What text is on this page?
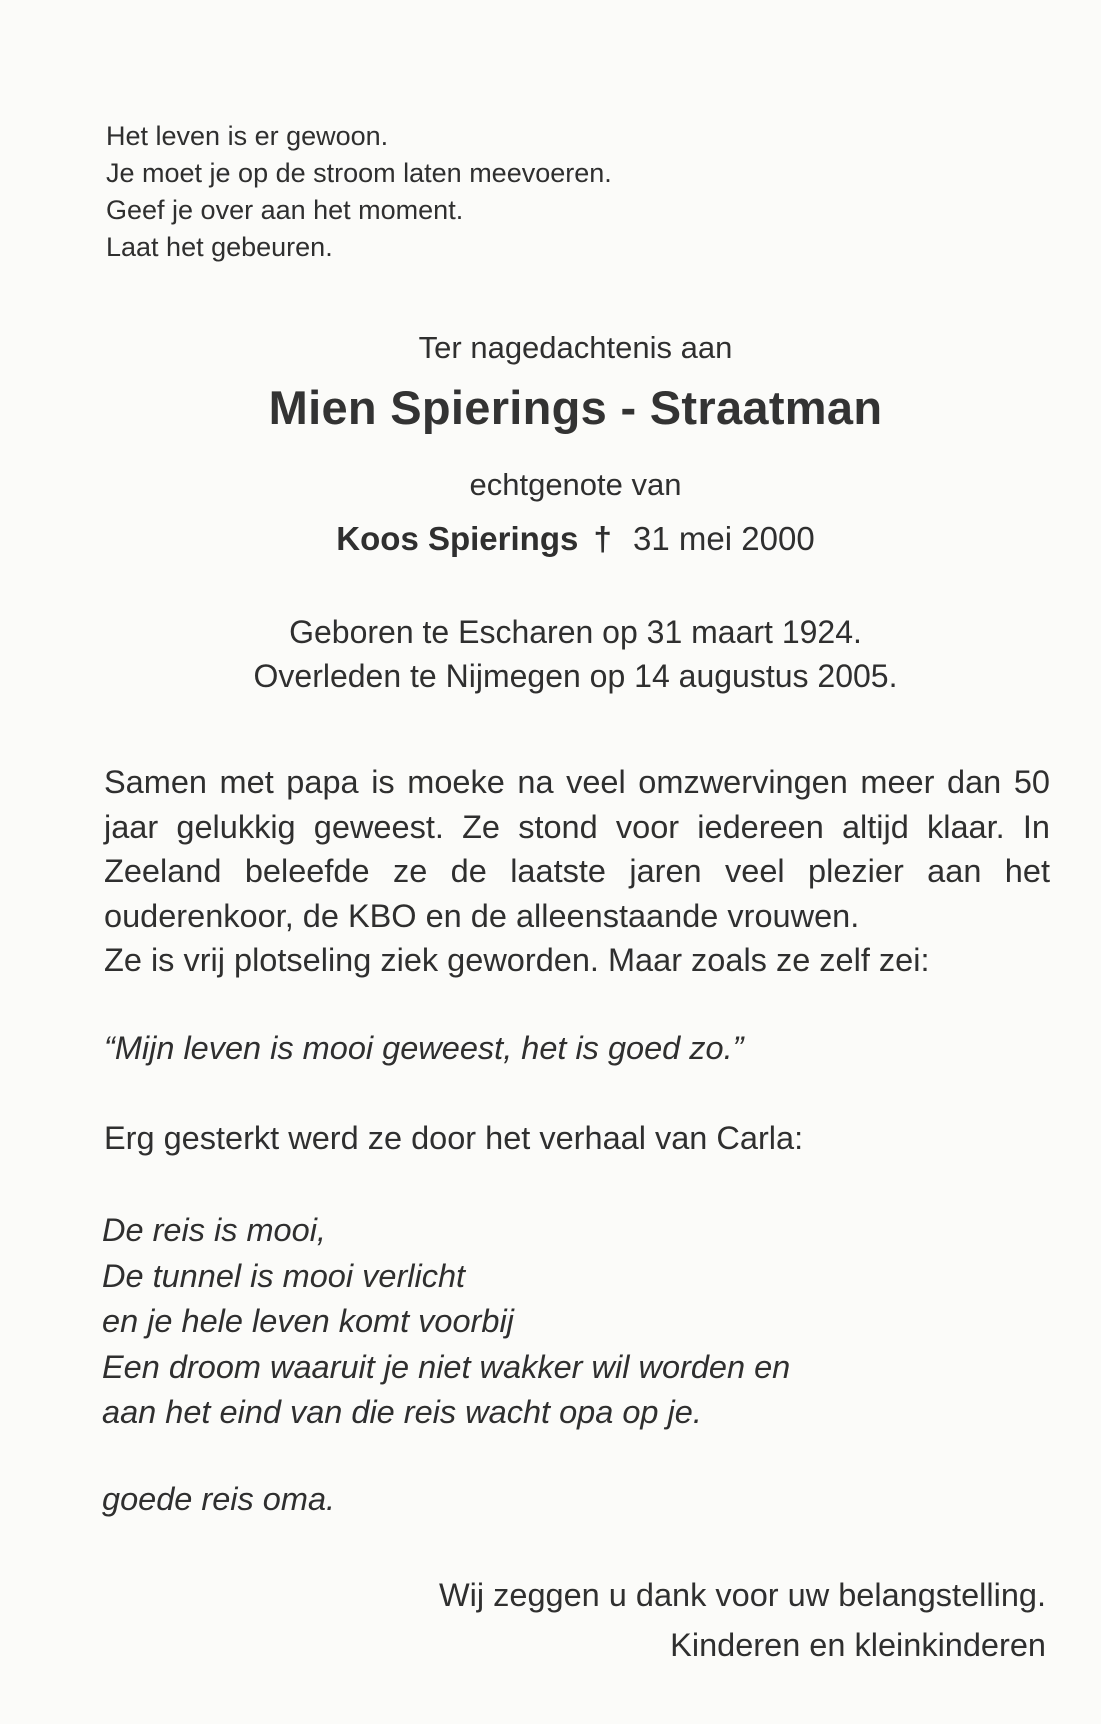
Het leven is er gewoon.
Je moet je op de stroom laten meevoeren.
Geef je over aan het moment.
Laat het gebeuren.
Ter nagedachtenis aan
Mien Spierings - Straatman
echtgenote van
Koos Spierings † 31 mei 2000
Geboren te Escharen op 31 maart 1924.
Overleden te Nijmegen op 14 augustus 2005.
Samen met papa is moeke na veel omzwervingen meer dan 50 jaar gelukkig geweest. Ze stond voor iedereen altijd klaar. In Zeeland beleefde ze de laatste jaren veel plezier aan het ouderenkoor, de KBO en de alleenstaande vrouwen.
Ze is vrij plotseling ziek geworden. Maar zoals ze zelf zei:
“Mijn leven is mooi geweest, het is goed zo.”
Erg gesterkt werd ze door het verhaal van Carla:
De reis is mooi,
De tunnel is mooi verlicht
en je hele leven komt voorbij
Een droom waaruit je niet wakker wil worden en
aan het eind van die reis wacht opa op je.
goede reis oma.
Wij zeggen u dank voor uw belangstelling.
Kinderen en kleinkinderen
